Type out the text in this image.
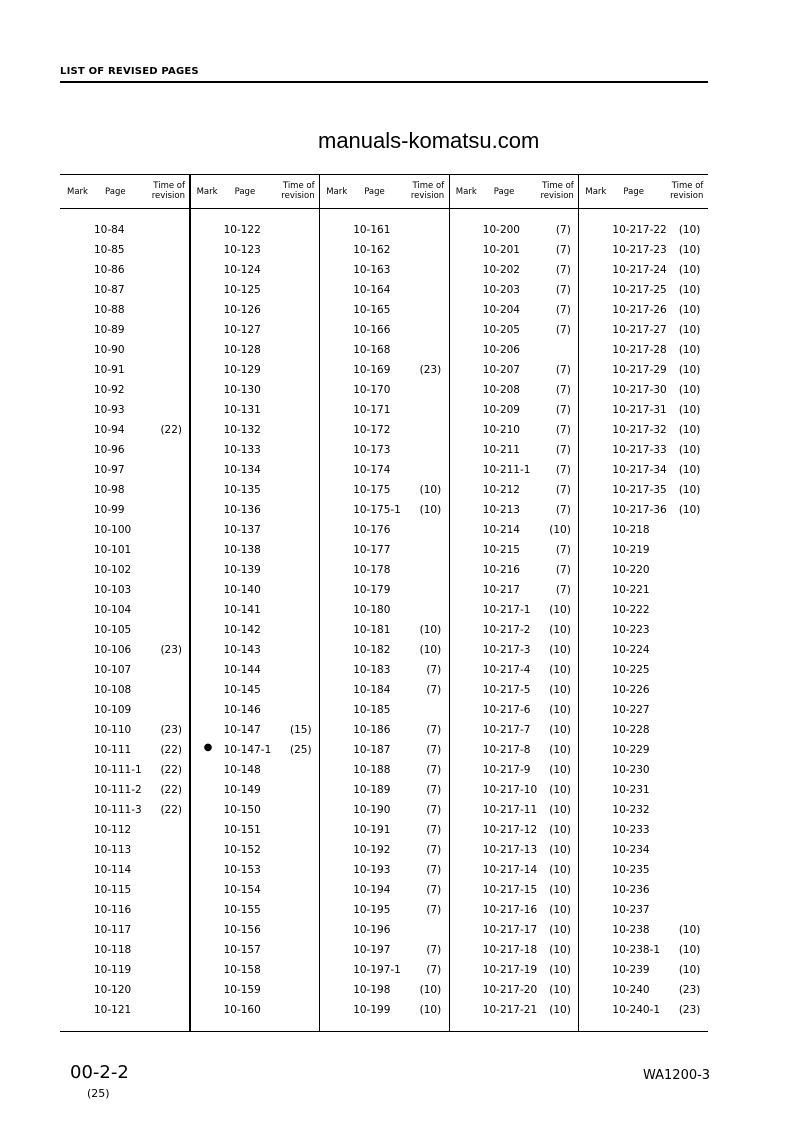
LIST OF REVISED PAGES
manuals-komatsu.com
Mark Page
Time of
revision
10-84
10-85
10-86
10-87
10-88
10-89
10-90
10-91
10-92
10-93
10-94	(22)
10-96
10-97
10-98
10-99
10-100
10-101
10-102
10-103
10-104
10-105
10-106	(23)
10-107
10-108
10-109
10-110	(23)
10-111	(22)
10-111-1 (22)
10-111-2 (22)
10-111-3 (22)
10-112
10-113
10-114
10-115
10-116
10-117
10-118
10-119
10-120
10-121
Mark Page
Time of
revision
10-122
10-123
10-124
10-125
10-126
10-127
10-128
10-129
10-130
10-131
10-132
10-133
10-134
10-135
10-136
10-137
10-138
10-139
10-140
10-141
10-142
10-143
10-144
10-145
10-146
10-147	(15)
● 10-147-1 (25)
10-148
10-149
10-150
10-151
10-152
10-153
10-154
10-155
10-156
10-157
10-158
10-159
10-160
Mark Page
Time of
revision
10-161
10-162
10-163
10-164
10-165
10-166
10-168
10-169	(23)
10-170
10-171
10-172
10-173
10-174
10-175	(10)
10-175-1 (10)
10-176
10-177
10-178
10-179
10-180
10-181	(10)
10-182	(10)
10-183	(7)
10-184	(7)
10-185
10-186	(7)
10-187	(7)
10-188	(7)
10-189	(7)
10-190	(7)
10-191	(7)
10-192	(7)
10-193	(7)
10-194	(7)
10-195	(7)
10-196
10-197	(7)
10-197-1 (7)
10-198	(10)
10-199	(10)
Mark Page
Time of
revision
10-200	(7)
10-201	(7)
10-202	(7)
10-203	(7)
10-204	(7)
10-205	(7)
10-206
10-207	(7)
10-208	(7)
10-209	(7)
10-210	(7)
10-211	(7)
10-211-1 (7)
10-212	(7)
10-213	(7)
10-214	(10)
10-215	(7)
10-216	(7)
10-217	(7)
10-217-1 (10)
10-217-2 (10)
10-217-3 (10)
10-217-4 (10)
10-217-5 (10)
10-217-6 (10)
10-217-7 (10)
10-217-8 (10)
10-217-9 (10)
10-217-10 (10)
10-217-11 (10)
10-217-12 (10)
10-217-13 (10)
10-217-14 (10)
10-217-15 (10)
10-217-16 (10)
10-217-17 (10)
10-217-18 (10)
10-217-19 (10)
10-217-20 (10)
10-217-21 (10)
Mark Page
Time of
revision
10-217-22 (10)
10-217-23 (10)
10-217-24 (10)
10-217-25 (10)
10-217-26 (10)
10-217-27 (10)
10-217-28 (10)
10-217-29 (10)
10-217-30 (10)
10-217-31 (10)
10-217-32 (10)
10-217-33 (10)
10-217-34 (10)
10-217-35 (10)
10-217-36 (10)
10-218
10-219
10-220
10-221
10-222
10-223
10-224
10-225
10-226
10-227
10-228
10-229
10-230
10-231
10-232
10-233
10-234
10-235
10-236
10-237
10-238	(10)
10-238-1 (10)
10-239	(10)
10-240	(23)
10-240-1 (23)
00-2-2
(25)
WA1200-3
